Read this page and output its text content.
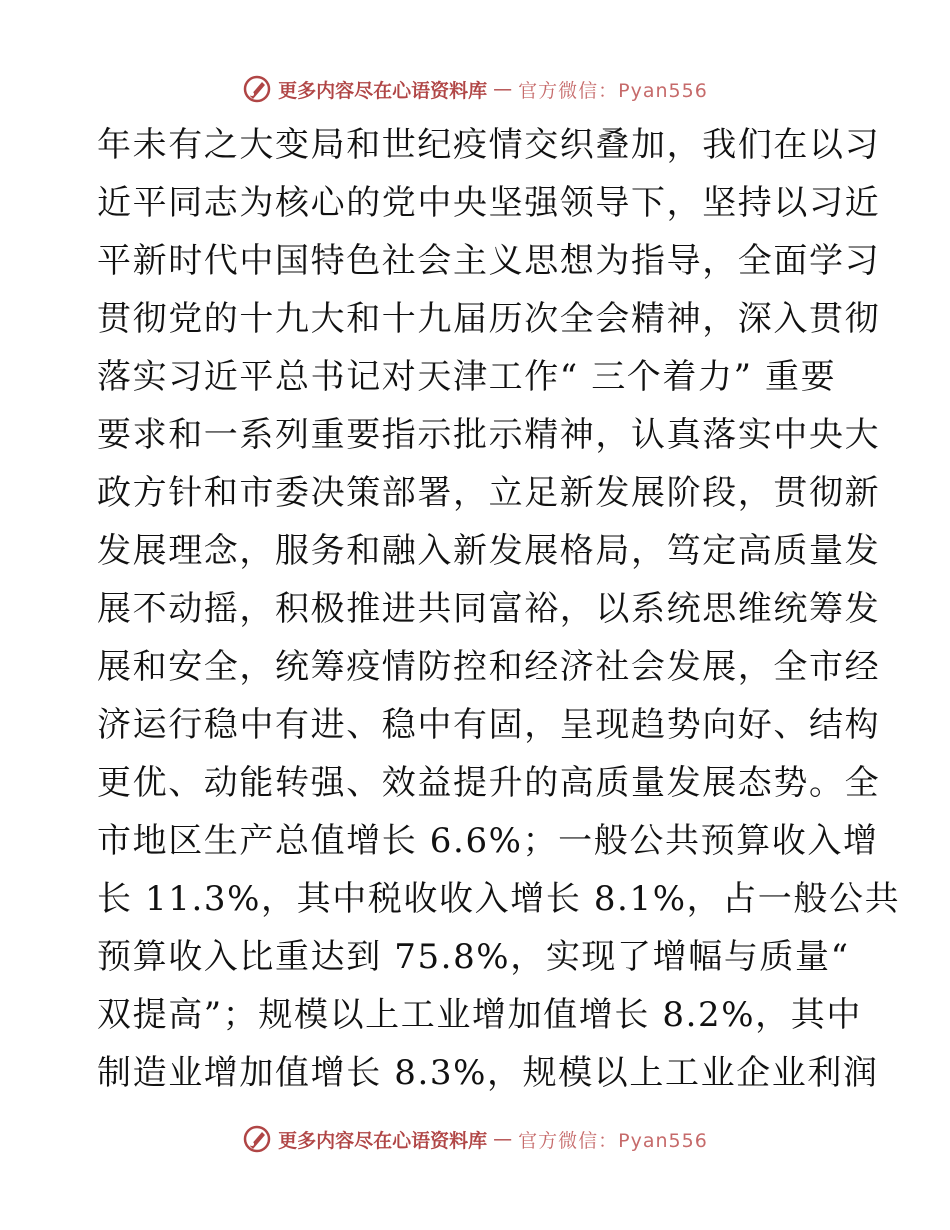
更多内容尽在心语资料库 — 官方微信：Pyan556
年未有之大变局和世纪疫情交织叠加，我们在以习
近平同志为核心的党中央坚强领导下，坚持以习近
平新时代中国特色社会主义思想为指导，全面学习
贯彻党的十九大和十九届历次全会精神，深入贯彻
落实习近平总书记对天津工作“ 三个着力” 重要
要求和一系列重要指示批示精神，认真落实中央大
政方针和市委决策部署，立足新发展阶段，贯彻新
发展理念，服务和融入新发展格局，笃定高质量发
展不动摇，积极推进共同富裕，以系统思维统筹发
展和安全，统筹疫情防控和经济社会发展，全市经
济运行稳中有进、稳中有固，呈现趋势向好、结构
更优、动能转强、效益提升的高质量发展态势。全
市地区生产总值增长 6.6%；一般公共预算收入增
长 11.3%，其中税收收入增长 8.1%，占一般公共
预算收入比重达到 75.8%，实现了增幅与质量“
双提高”；规模以上工业增加值增长 8.2%，其中
制造业增加值增长 8.3%，规模以上工业企业利润
更多内容尽在心语资料库 — 官方微信：Pyan556
